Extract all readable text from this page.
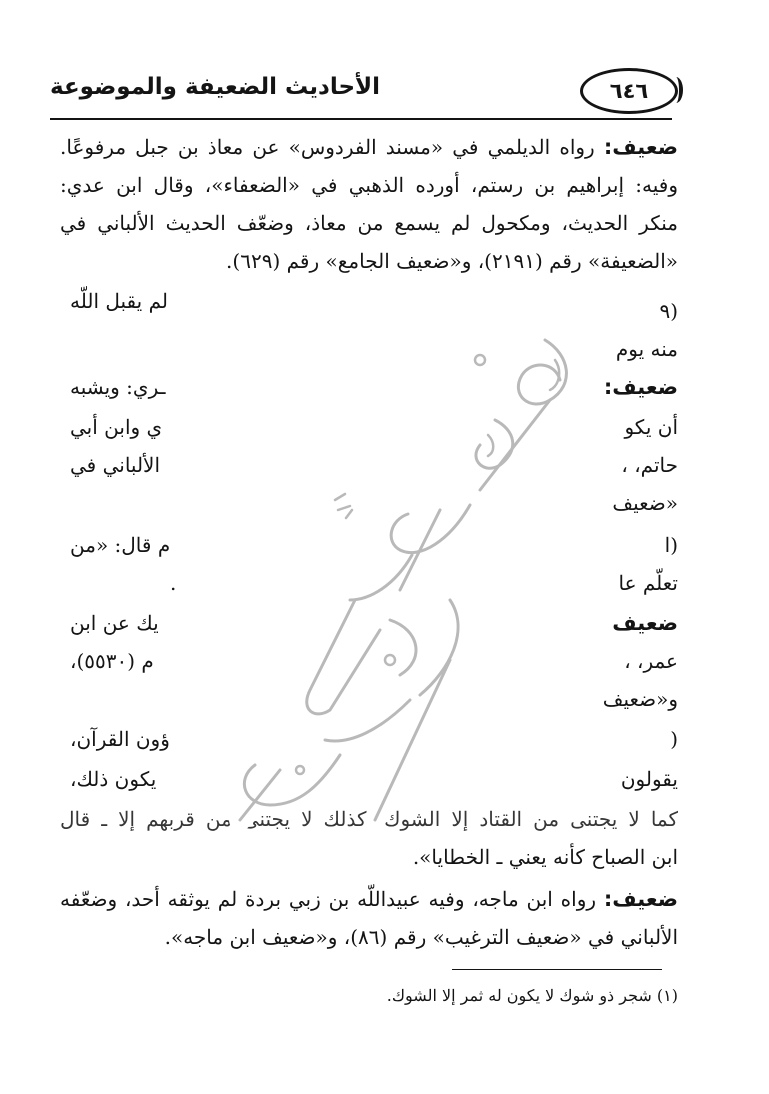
٦٤٦
الأحاديث الضعيفة والموضوعة
ضعيف: رواه الديلمي في «مسند الفردوس» عن معاذ بن جبل مرفوعًا.
وفيه: إبراهيم بن رستم، أورده الذهبي في «الضعفاء»، وقال ابن عدي:
منكر الحديث، ومكحول لم يسمع من معاذ، وضعّف الحديث الألباني في
«الضعيفة» رقم (٢١٩١)، و«ضعيف الجامع» رقم (٦٢٩).
لم يقبل اللّه
ـري: ويشبه
ي وابن أبي
الألباني في
م قال: «من
.
يك عن ابن
م (٥٥٣٠)،
ؤون القرآن،
يكون ذلك،
(٩
منه يوم
ضعيف:
أن يكو
حاتم، ،
«ضعيف
(ا
تعلّم عا
ضعيف
عمر، ،
و«ضعيف
(
يقولون
كما لا يجتنى من القتاد إلا الشوك، كذلك لا يجتنى من قربهم إلا ـ قال
ابن الصباح كأنه يعني ـ الخطايا».
ضعيف: رواه ابن ماجه، وفيه عبيداللّه بن زبي بردة لم يوثقه أحد، وضعّفه
الألباني في «ضعيف الترغيب» رقم (٨٦)، و«ضعيف ابن ماجه».
(١) شجر ذو شوك لا يكون له ثمر إلا الشوك.
